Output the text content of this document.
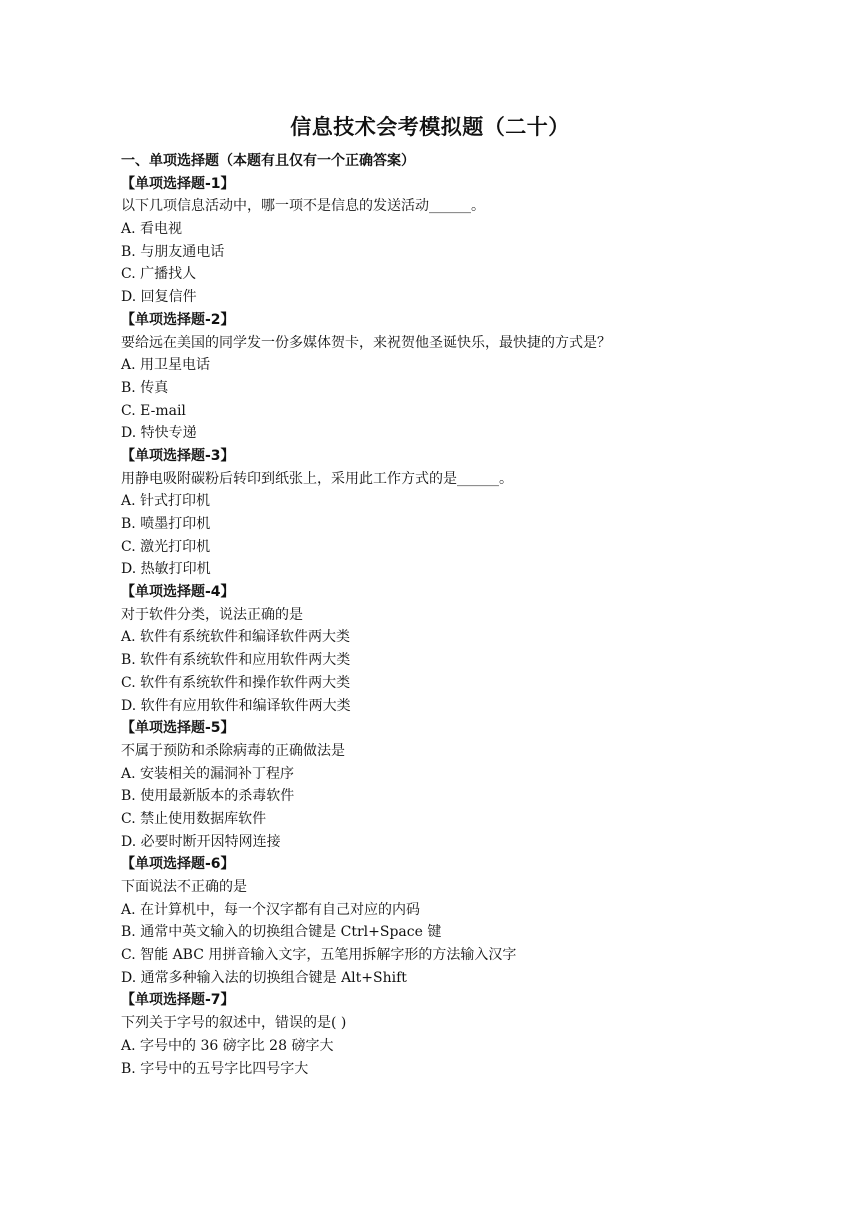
信息技术会考模拟题（二十）
一、单项选择题（本题有且仅有一个正确答案）
【单项选择题-1】
以下几项信息活动中，哪一项不是信息的发送活动______。
A. 看电视
B. 与朋友通电话
C. 广播找人
D. 回复信件
【单项选择题-2】
要给远在美国的同学发一份多媒体贺卡，来祝贺他圣诞快乐，最快捷的方式是？
A. 用卫星电话
B. 传真
C. E-mail
D. 特快专递
【单项选择题-3】
用静电吸附碳粉后转印到纸张上，采用此工作方式的是______。
A. 针式打印机
B. 喷墨打印机
C. 激光打印机
D. 热敏打印机
【单项选择题-4】
对于软件分类，说法正确的是
A. 软件有系统软件和编译软件两大类
B. 软件有系统软件和应用软件两大类
C. 软件有系统软件和操作软件两大类
D. 软件有应用软件和编译软件两大类
【单项选择题-5】
不属于预防和杀除病毒的正确做法是
A. 安装相关的漏洞补丁程序
B. 使用最新版本的杀毒软件
C. 禁止使用数据库软件
D. 必要时断开因特网连接
【单项选择题-6】
下面说法不正确的是
A. 在计算机中，每一个汉字都有自己对应的内码
B. 通常中英文输入的切换组合键是 Ctrl+Space 键
C. 智能 ABC 用拼音输入文字，五笔用拆解字形的方法输入汉字
D. 通常多种输入法的切换组合键是 Alt+Shift
【单项选择题-7】
下列关于字号的叙述中，错误的是( )
A. 字号中的 36 磅字比 28 磅字大
B. 字号中的五号字比四号字大
